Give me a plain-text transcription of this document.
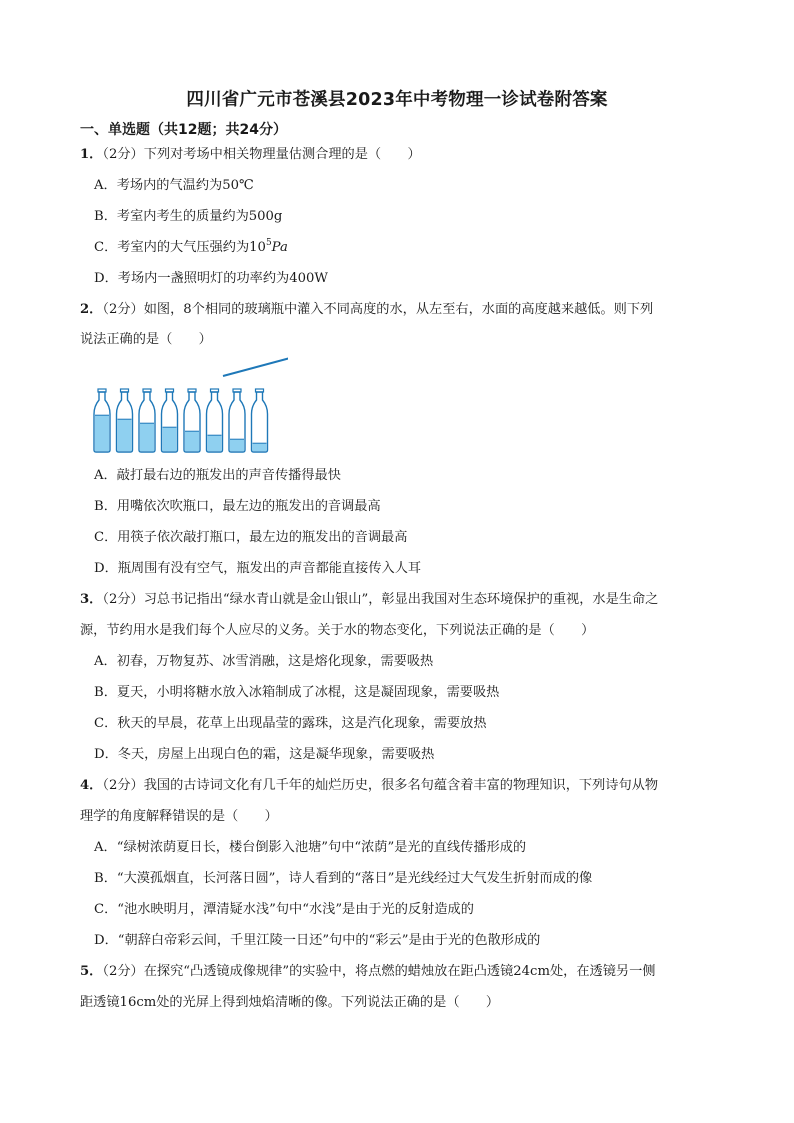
四川省广元市苍溪县2023年中考物理一诊试卷附答案
一、单选题（共12题；共24分）
1．（2分）下列对考场中相关物理量估测合理的是（　　）
A．考场内的气温约为50℃
B．考室内考生的质量约为500g
C．考室内的大气压强约为$10^5Pa$
D．考场内一盏照明灯的功率约为400W
2．（2分）如图，8个相同的玻璃瓶中灌入不同高度的水，从左至右，水面的高度越来越低。则下列
说法正确的是（　　）
A．敲打最右边的瓶发出的声音传播得最快
B．用嘴依次吹瓶口，最左边的瓶发出的音调最高
C．用筷子依次敲打瓶口，最左边的瓶发出的音调最高
D．瓶周围有没有空气，瓶发出的声音都能直接传入人耳
3．（2分）习总书记指出“绿水青山就是金山银山”，彰显出我国对生态环境保护的重视，水是生命之
源，节约用水是我们每个人应尽的义务。关于水的物态变化，下列说法正确的是（　　）
A．初春，万物复苏、冰雪消融，这是熔化现象，需要吸热
B．夏天，小明将糖水放入冰箱制成了冰棍，这是凝固现象，需要吸热
C．秋天的早晨，花草上出现晶莹的露珠，这是汽化现象，需要放热
D．冬天，房屋上出现白色的霜，这是凝华现象，需要吸热
4．（2分）我国的古诗词文化有几千年的灿烂历史，很多名句蕴含着丰富的物理知识，下列诗句从物
理学的角度解释错误的是（　　）
A．“绿树浓荫夏日长，楼台倒影入池塘”句中“浓荫”是光的直线传播形成的
B．“大漠孤烟直，长河落日圆”，诗人看到的“落日”是光线经过大气发生折射而成的像
C．“池水映明月，潭清疑水浅”句中“水浅”是由于光的反射造成的
D．“朝辞白帝彩云间，千里江陵一日还”句中的“彩云”是由于光的色散形成的
5．（2分）在探究“凸透镜成像规律”的实验中，将点燃的蜡烛放在距凸透镜24cm处，在透镜另一侧
距透镜16cm处的光屏上得到烛焰清晰的像。下列说法正确的是（　　）
